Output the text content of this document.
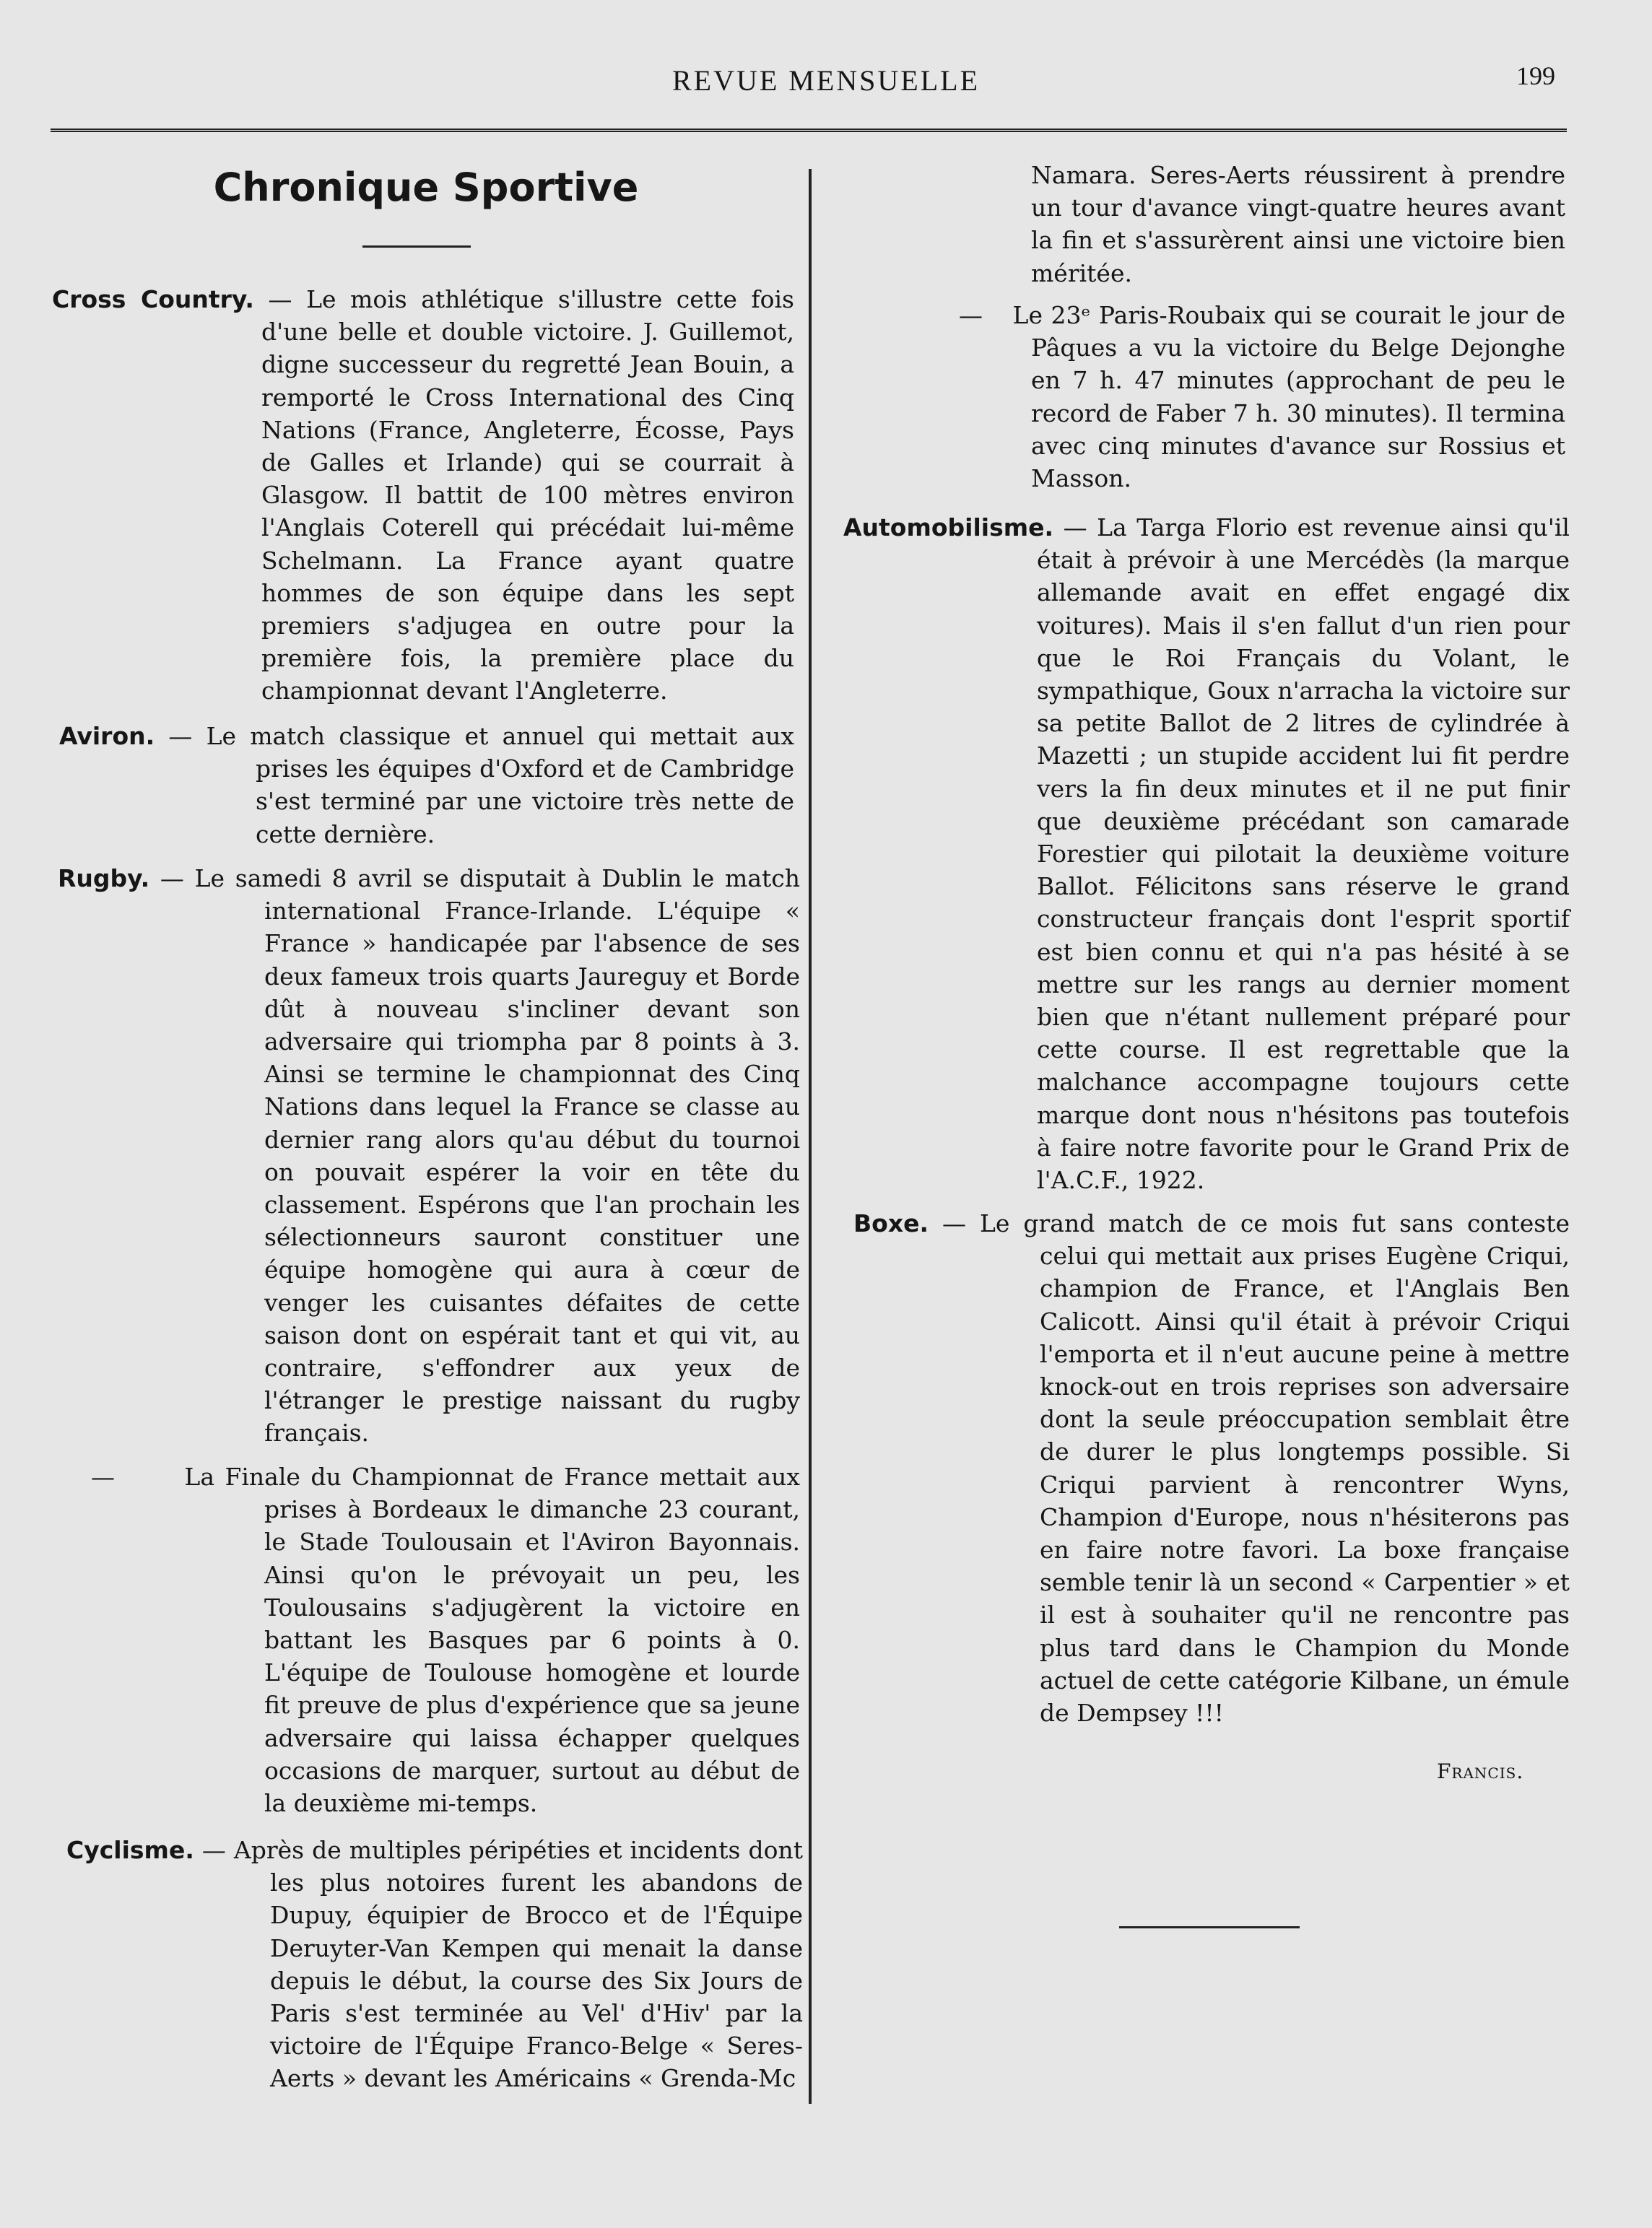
REVUE MENSUELLE	199
Chronique Sportive

Cross Country. — Le mois athlétique s'illustre cette fois d'une belle et double victoire. J. Guillemot, digne successeur du regretté Jean Bouin, a remporté le Cross International des Cinq Nations (France, Angleterre, Écosse, Pays de Galles et Irlande) qui se courrait à Glasgow. Il battit de 100 mètres environ l'Anglais Coterell qui précédait lui-même Schelmann. La France ayant quatre hommes de son équipe dans les sept premiers s'adjugea en outre pour la première fois, la première place du championnat devant l'Angleterre.

Aviron. — Le match classique et annuel qui mettait aux prises les équipes d'Oxford et de Cambridge s'est terminé par une victoire très nette de cette dernière.

Rugby. — Le samedi 8 avril se disputait à Dublin le match international France-Irlande. L'équipe « France » handicapée par l'absence de ses deux fameux trois quarts Jaureguy et Borde dût à nouveau s'incliner devant son adversaire qui triompha par 8 points à 3. Ainsi se termine le championnat des Cinq Nations dans lequel la France se classe au dernier rang alors qu'au début du tournoi on pouvait espérer la voir en tête du classement. Espérons que l'an prochain les sélectionneurs sauront constituer une équipe homogène qui aura à cœur de venger les cuisantes défaites de cette saison dont on espérait tant et qui vit, au contraire, s'effondrer aux yeux de l'étranger le prestige naissant du rugby français.

— La Finale du Championnat de France mettait aux prises à Bordeaux le dimanche 23 courant, le Stade Toulousain et l'Aviron Bayonnais. Ainsi qu'on le prévoyait un peu, les Toulousains s'adjugèrent la victoire en battant les Basques par 6 points à 0. L'équipe de Toulouse homogène et lourde fit preuve de plus d'expérience que sa jeune adversaire qui laissa échapper quelques occasions de marquer, surtout au début de la deuxième mi-temps.

Cyclisme. — Après de multiples péripéties et incidents dont les plus notoires furent les abandons de Dupuy, équipier de Brocco et de l'Équipe Deruyter-Van Kempen qui menait la danse depuis le début, la course des Six Jours de Paris s'est terminée au Vel' d'Hiv' par la victoire de l'Équipe Franco-Belge « Seres-Aerts » devant les Américains « Grenda-Mc

Namara. Seres-Aerts réussirent à prendre un tour d'avance vingt-quatre heures avant la fin et s'assurèrent ainsi une victoire bien méritée.

— Le 23ᵉ Paris-Roubaix qui se courait le jour de Pâques a vu la victoire du Belge Dejonghe en 7 h. 47 minutes (approchant de peu le record de Faber 7 h. 30 minutes). Il termina avec cinq minutes d'avance sur Rossius et Masson.

Automobilisme. — La Targa Florio est revenue ainsi qu'il était à prévoir à une Mercédès (la marque allemande avait en effet engagé dix voitures). Mais il s'en fallut d'un rien pour que le Roi Français du Volant, le sympathique, Goux n'arracha la victoire sur sa petite Ballot de 2 litres de cylindrée à Mazetti ; un stupide accident lui fit perdre vers la fin deux minutes et il ne put finir que deuxième précédant son camarade Forestier qui pilotait la deuxième voiture Ballot. Félicitons sans réserve le grand constructeur français dont l'esprit sportif est bien connu et qui n'a pas hésité à se mettre sur les rangs au dernier moment bien que n'étant nullement préparé pour cette course. Il est regrettable que la malchance accompagne toujours cette marque dont nous n'hésitons pas toutefois à faire notre favorite pour le Grand Prix de l'A.C.F., 1922.

Boxe. — Le grand match de ce mois fut sans conteste celui qui mettait aux prises Eugène Criqui, champion de France, et l'Anglais Ben Calicott. Ainsi qu'il était à prévoir Criqui l'emporta et il n'eut aucune peine à mettre knock-out en trois reprises son adversaire dont la seule préoccupation semblait être de durer le plus longtemps possible. Si Criqui parvient à rencontrer Wyns, Champion d'Europe, nous n'hésiterons pas en faire notre favori. La boxe française semble tenir là un second « Carpentier » et il est à souhaiter qu'il ne rencontre pas plus tard dans le Champion du Monde actuel de cette catégorie Kilbane, un émule de Dempsey !!!

Francis.
